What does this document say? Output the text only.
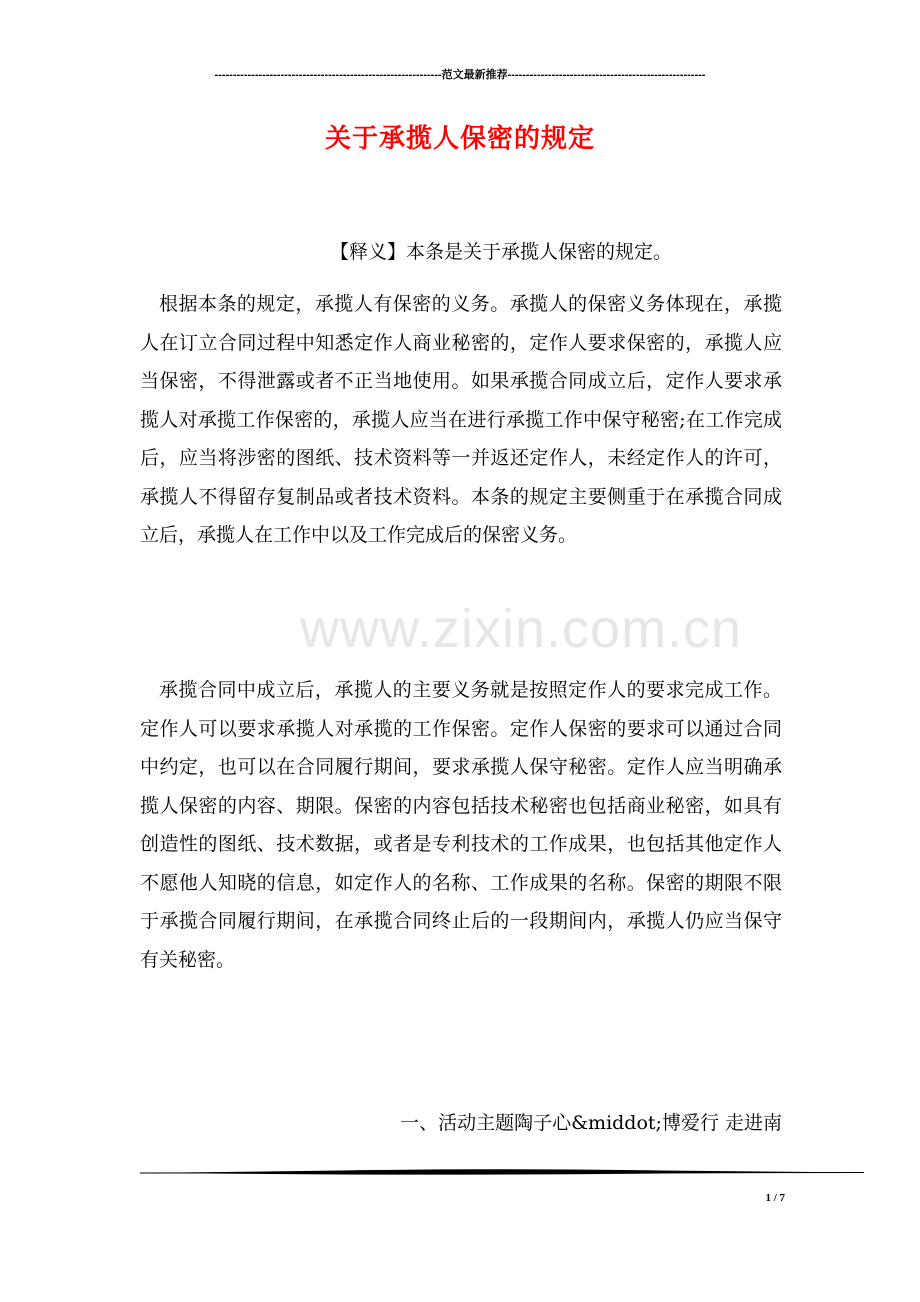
--------------------------------------------------------------范文最新推荐------------------------------------------------------
关于承揽人保密的规定
www.zixin.com.cn
【释义】本条是关于承揽人保密的规定。

根据本条的规定，承揽人有保密的义务。承揽人的保密义务体现在，承揽人在订立合同过程中知悉定作人商业秘密的，定作人要求保密的，承揽人应当保密，不得泄露或者不正当地使用。如果承揽合同成立后，定作人要求承揽人对承揽工作保密的，承揽人应当在进行承揽工作中保守秘密;在工作完成后，应当将涉密的图纸、技术资料等一并返还定作人，未经定作人的许可，承揽人不得留存复制品或者技术资料。本条的规定主要侧重于在承揽合同成立后，承揽人在工作中以及工作完成后的保密义务。

承揽合同中成立后，承揽人的主要义务就是按照定作人的要求完成工作。定作人可以要求承揽人对承揽的工作保密。定作人保密的要求可以通过合同中约定，也可以在合同履行期间，要求承揽人保守秘密。定作人应当明确承揽人保密的内容、期限。保密的内容包括技术秘密也包括商业秘密，如具有创造性的图纸、技术数据，或者是专利技术的工作成果，也包括其他定作人不愿他人知晓的信息，如定作人的名称、工作成果的名称。保密的期限不限于承揽合同履行期间，在承揽合同终止后的一段期间内，承揽人仍应当保守有关秘密。

一、活动主题陶子心&middot;博爱行 走进南
1 / 7
